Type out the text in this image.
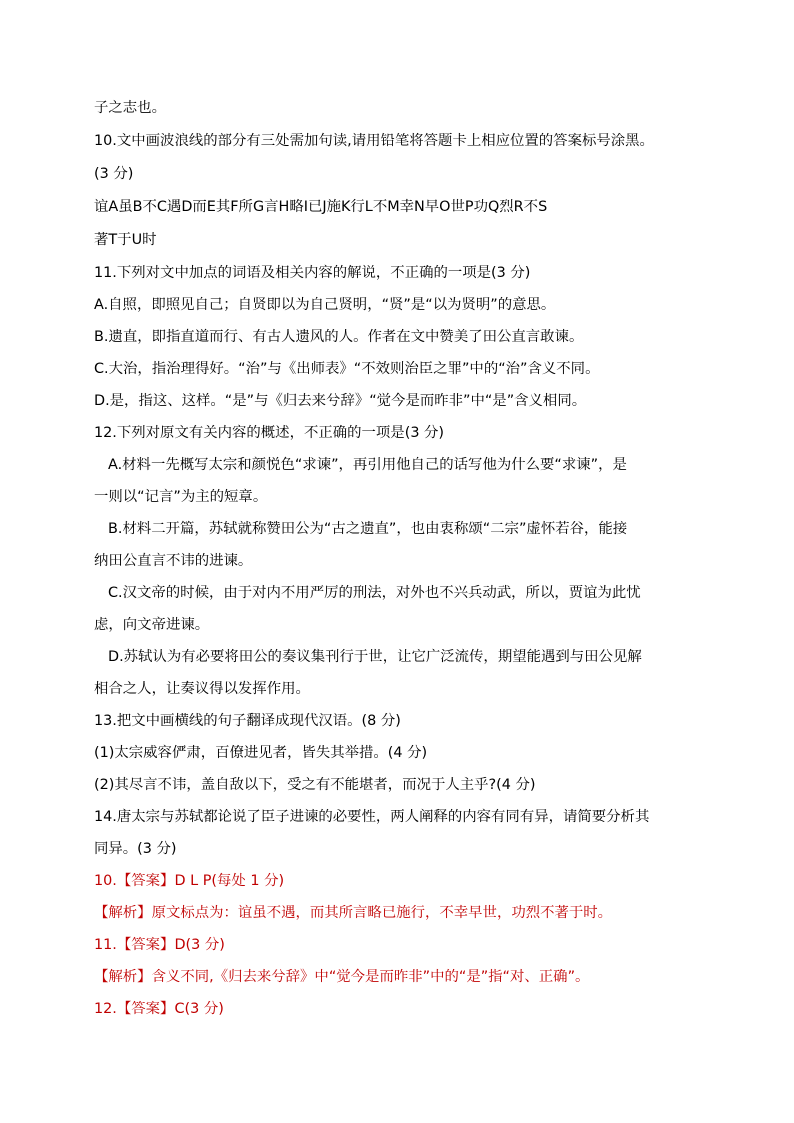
子之志也。
10.文中画波浪线的部分有三处需加句读,请用铅笔将答题卡上相应位置的答案标号涂黑。
(3 分)
谊A虽B不C遇D而E其F所G言H略I已J施K行L不M幸N早O世P功Q烈R不S
著T于U时
11.下列对文中加点的词语及相关内容的解说，不正确的一项是(3 分)
A.自照，即照见自己；自贤即以为自己贤明，“贤”是“以为贤明”的意思。
B.遗直，即指直道而行、有古人遗风的人。作者在文中赞美了田公直言敢谏。
C.大治，指治理得好。“治”与《出师表》“不效则治臣之罪”中的“治”含义不同。
D.是，指这、这样。“是”与《归去来兮辞》“觉今是而昨非”中“是”含义相同。
12.下列对原文有关内容的概述，不正确的一项是(3 分)
A.材料一先概写太宗和颜悦色“求谏”，再引用他自己的话写他为什么要“求谏”，是
一则以“记言”为主的短章。
B.材料二开篇，苏轼就称赞田公为“古之遗直”，也由衷称颂“二宗”虚怀若谷，能接
纳田公直言不讳的进谏。
C.汉文帝的时候，由于对内不用严厉的刑法，对外也不兴兵动武，所以，贾谊为此忧
虑，向文帝进谏。
D.苏轼认为有必要将田公的奏议集刊行于世，让它广泛流传，期望能遇到与田公见解
相合之人，让奏议得以发挥作用。
13.把文中画横线的句子翻译成现代汉语。(8 分)
(1)太宗威容俨肃，百僚进见者，皆失其举措。(4 分)
(2)其尽言不讳，盖自敌以下，受之有不能堪者，而况于人主乎?(4 分)
14.唐太宗与苏轼都论说了臣子进谏的必要性，两人阐释的内容有同有异，请简要分析其
同异。(3 分)
10.【答案】D L P(每处 1 分)
【解析】原文标点为：谊虽不遇，而其所言略已施行，不幸早世，功烈不著于时。
11.【答案】D(3 分)
【解析】含义不同,《归去来兮辞》中“觉今是而昨非”中的“是”指“对、正确”。
12.【答案】C(3 分)
